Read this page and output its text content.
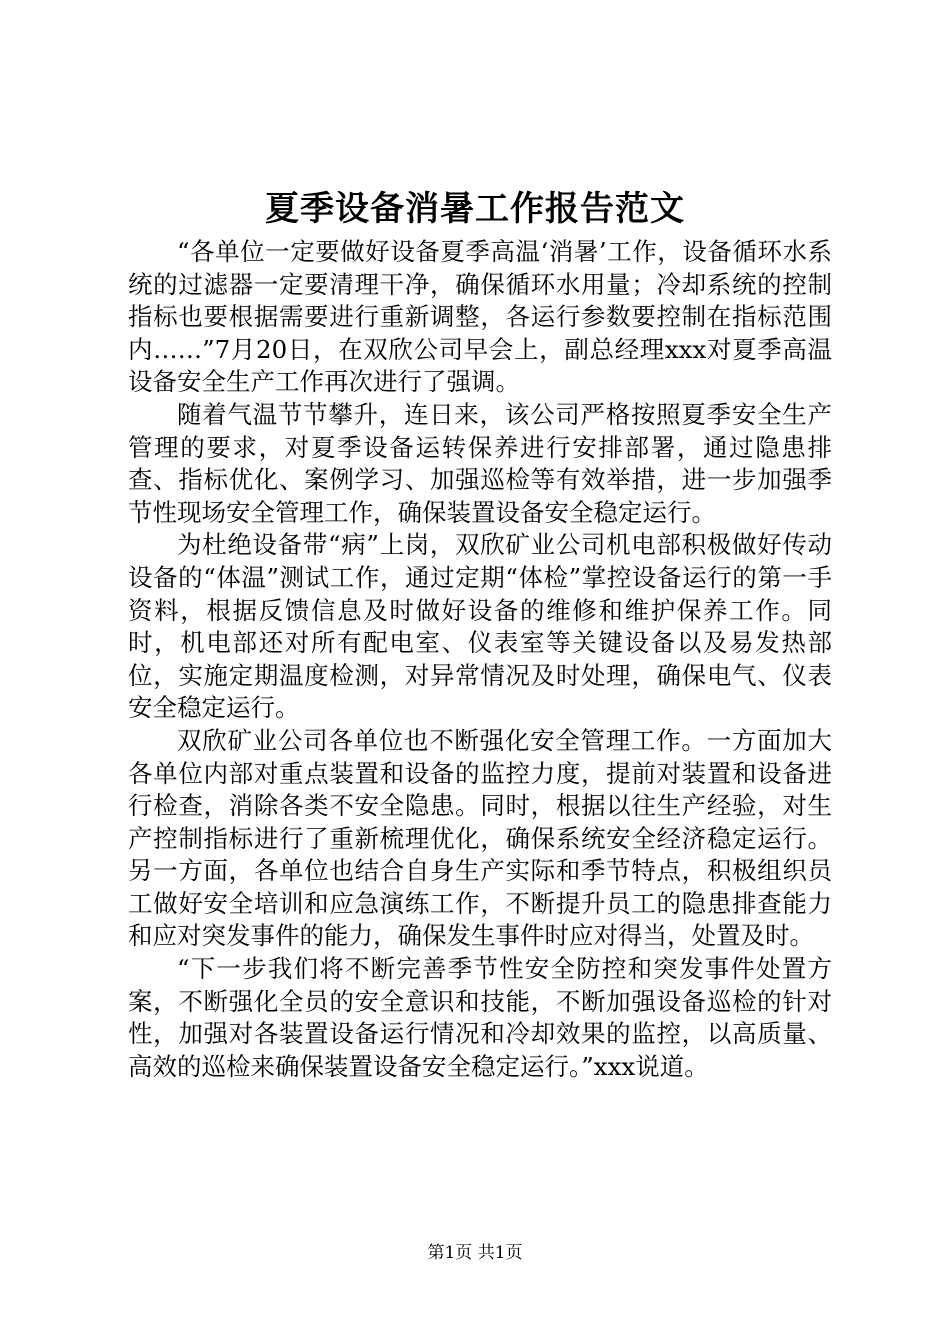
夏季设备消暑工作报告范文

“各单位一定要做好设备夏季高温‘消暑’工作，设备循环水系统的过滤器一定要清理干净，确保循环水用量；冷却系统的控制指标也要根据需要进行重新调整，各运行参数要控制在指标范围内……”7月20日，在双欣公司早会上，副总经理xxx对夏季高温设备安全生产工作再次进行了强调。

随着气温节节攀升，连日来，该公司严格按照夏季安全生产管理的要求，对夏季设备运转保养进行安排部署，通过隐患排查、指标优化、案例学习、加强巡检等有效举措，进一步加强季节性现场安全管理工作，确保装置设备安全稳定运行。

为杜绝设备带“病”上岗，双欣矿业公司机电部积极做好传动设备的“体温”测试工作，通过定期“体检”掌控设备运行的第一手资料，根据反馈信息及时做好设备的维修和维护保养工作。同时，机电部还对所有配电室、仪表室等关键设备以及易发热部位，实施定期温度检测，对异常情况及时处理，确保电气、仪表安全稳定运行。

双欣矿业公司各单位也不断强化安全管理工作。一方面加大各单位内部对重点装置和设备的监控力度，提前对装置和设备进行检查，消除各类不安全隐患。同时，根据以往生产经验，对生产控制指标进行了重新梳理优化，确保系统安全经济稳定运行。另一方面，各单位也结合自身生产实际和季节特点，积极组织员工做好安全培训和应急演练工作，不断提升员工的隐患排查能力和应对突发事件的能力，确保发生事件时应对得当，处置及时。

“下一步我们将不断完善季节性安全防控和突发事件处置方案，不断强化全员的安全意识和技能，不断加强设备巡检的针对性，加强对各装置设备运行情况和冷却效果的监控，以高质量、高效的巡检来确保装置设备安全稳定运行。”xxx说道。

第1页 共1页
